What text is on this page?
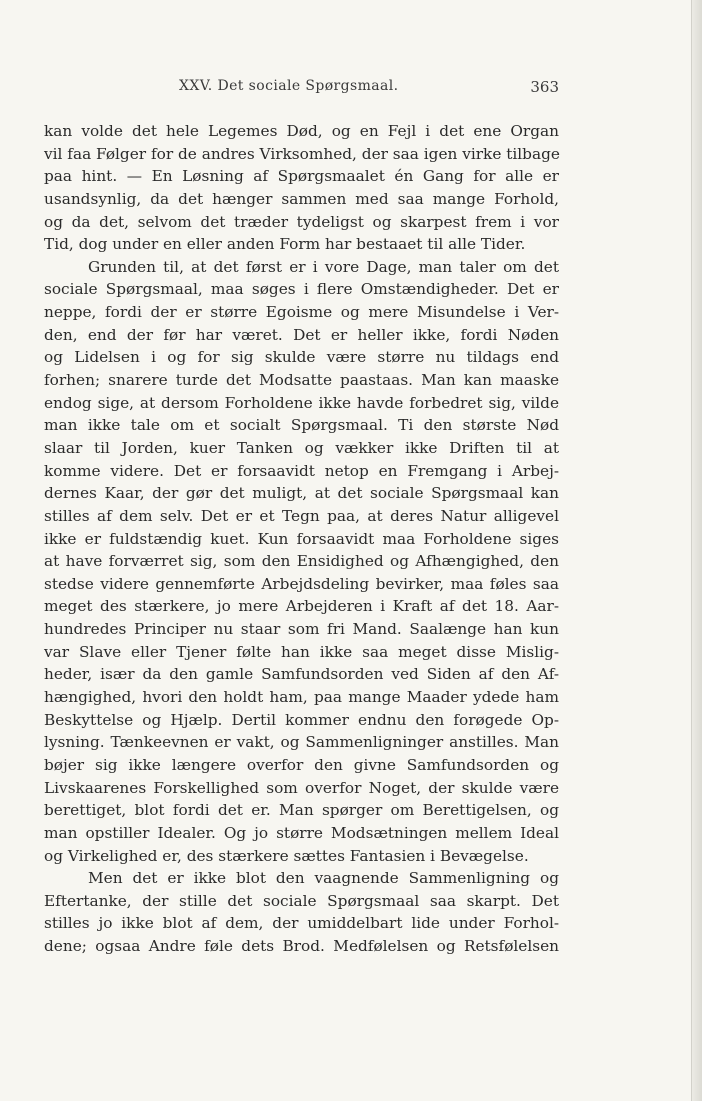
XXV. Det sociale Spørgsmaal.	363
kan volde det hele Legemes Død, og en Fejl i det ene Organ
vil faa Følger for de andres Virksomhed, der saa igen virke tilbage
paa hint. — En Løsning af Spørgsmaalet én Gang for alle er
usandsynlig, da det hænger sammen med saa mange Forhold,
og da det, selvom det træder tydeligst og skarpest frem i vor
Tid, dog under en eller anden Form har bestaaet til alle Tider.
Grunden til, at det først er i vore Dage, man taler om det
sociale Spørgsmaal, maa søges i flere Omstændigheder. Det er
neppe, fordi der er større Egoisme og mere Misundelse i Ver-
den, end der før har været. Det er heller ikke, fordi Nøden
og Lidelsen i og for sig skulde være større nu tildags end
forhen; snarere turde det Modsatte paastaas. Man kan maaske
endog sige, at dersom Forholdene ikke havde forbedret sig, vilde
man ikke tale om et socialt Spørgsmaal. Ti den største Nød
slaar til Jorden, kuer Tanken og vækker ikke Driften til at
komme videre. Det er forsaavidt netop en Fremgang i Arbej-
dernes Kaar, der gør det muligt, at det sociale Spørgsmaal kan
stilles af dem selv. Det er et Tegn paa, at deres Natur alligevel
ikke er fuldstændig kuet. Kun forsaavidt maa Forholdene siges
at have forværret sig, som den Ensidighed og Afhængighed, den
stedse videre gennemførte Arbejdsdeling bevirker, maa føles saa
meget des stærkere, jo mere Arbejderen i Kraft af det 18. Aar-
hundredes Principer nu staar som fri Mand. Saalænge han kun
var Slave eller Tjener følte han ikke saa meget disse Mislig-
heder, især da den gamle Samfundsorden ved Siden af den Af-
hængighed, hvori den holdt ham, paa mange Maader ydede ham
Beskyttelse og Hjælp. Dertil kommer endnu den forøgede Op-
lysning. Tænkeevnen er vakt, og Sammenligninger anstilles. Man
bøjer sig ikke længere overfor den givne Samfundsorden og
Livskaarenes Forskellighed som overfor Noget, der skulde være
berettiget, blot fordi det er. Man spørger om Berettigelsen, og
man opstiller Idealer. Og jo større Modsætningen mellem Ideal
og Virkelighed er, des stærkere sættes Fantasien i Bevægelse.
Men det er ikke blot den vaagnende Sammenligning og
Eftertanke, der stille det sociale Spørgsmaal saa skarpt. Det
stilles jo ikke blot af dem, der umiddelbart lide under Forhol-
dene; ogsaa Andre føle dets Brod. Medfølelsen og Retsfølelsen
